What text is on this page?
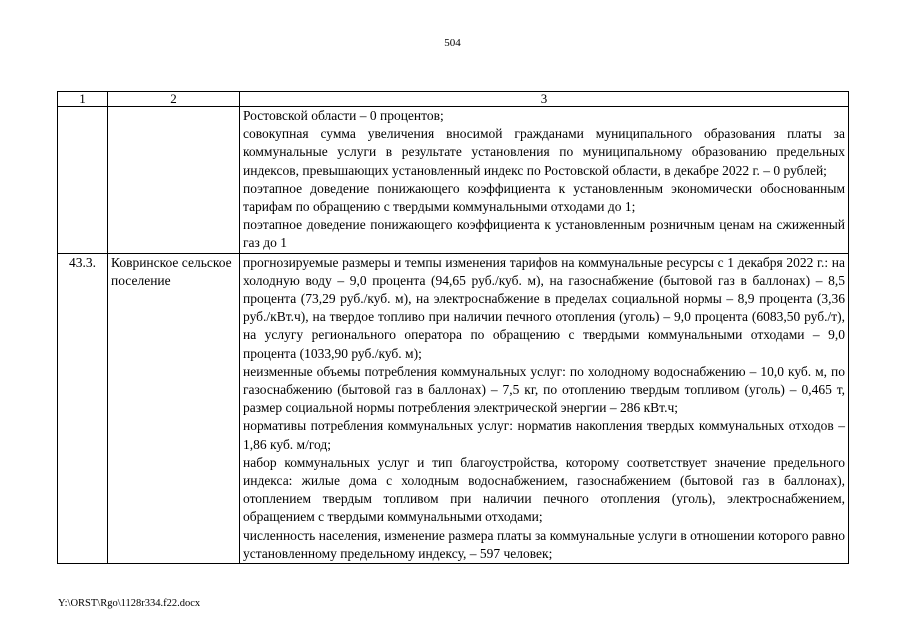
504
1	2	3

		Ростовской области – 0 процентов;

совокупная сумма увеличения вносимой гражданами муниципального образования платы за коммунальные услуги в результате установления по муниципальному образованию предельных индексов, превышающих установленный индекс по Ростовской области, в декабре 2022 г. – 0 рублей;

поэтапное доведение понижающего коэффициента к установленным экономически обоснованным тарифам по обращению с твердыми коммунальными отходами до 1;

поэтапное доведение понижающего коэффициента к установленным розничным ценам на сжиженный газ до 1

43.3.	Ковринское сельское поселение	прогнозируемые размеры и темпы изменения тарифов на коммунальные ресурсы с 1 декабря 2022 г.: на холодную воду – 9,0 процента (94,65 руб./куб. м), на газоснабжение (бытовой газ в баллонах) – 8,5 процента (73,29 руб./куб. м), на электроснабжение в пределах социальной нормы – 8,9 процента (3,36 руб./кВт.ч), на твердое топливо при наличии печного отопления (уголь) – 9,0 процента (6083,50 руб./т), на услугу регионального оператора по обращению с твердыми коммунальными отходами – 9,0 процента (1033,90 руб./куб. м);

неизменные объемы потребления коммунальных услуг: по холодному водоснабжению – 10,0 куб. м, по газоснабжению (бытовой газ в баллонах) – 7,5 кг, по отоплению твердым топливом (уголь) – 0,465 т, размер социальной нормы потребления электрической энергии – 286 кВт.ч;

нормативы потребления коммунальных услуг: норматив накопления твердых коммунальных отходов – 1,86 куб. м/год;

набор коммунальных услуг и тип благоустройства, которому соответствует значение предельного индекса: жилые дома с холодным водоснабжением, газоснабжением (бытовой газ в баллонах), отоплением твердым топливом при наличии печного отопления (уголь), электроснабжением, обращением с твердыми коммунальными отходами;

численность населения, изменение размера платы за коммунальные услуги в отношении которого равно установленному предельному индексу, – 597 человек;

Y:\ORST\Rgo\1128r334.f22.docx
